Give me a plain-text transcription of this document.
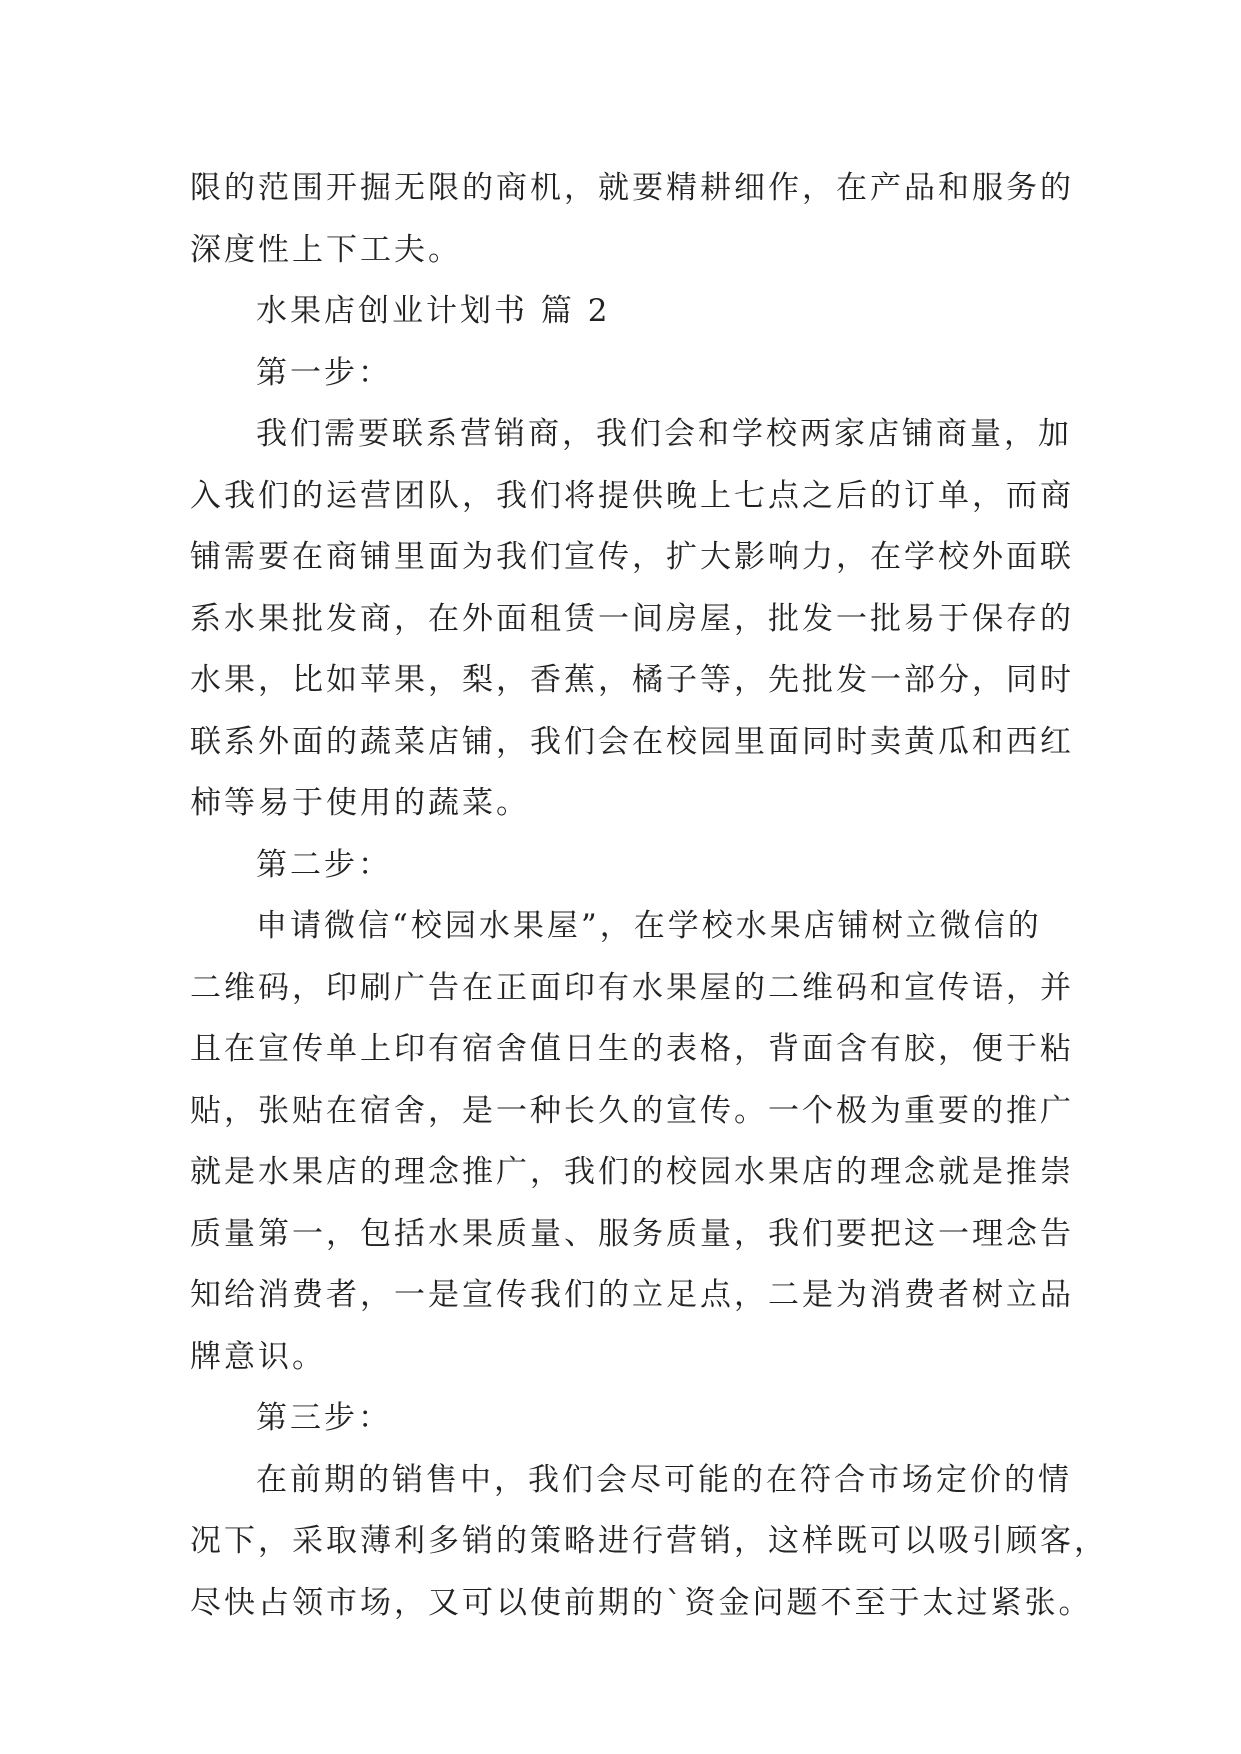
限的范围开掘无限的商机，就要精耕细作，在产品和服务的
深度性上下工夫。
水果店创业计划书 篇 2
第一步：
我们需要联系营销商，我们会和学校两家店铺商量，加
入我们的运营团队，我们将提供晚上七点之后的订单，而商
铺需要在商铺里面为我们宣传，扩大影响力，在学校外面联
系水果批发商，在外面租赁一间房屋，批发一批易于保存的
水果，比如苹果，梨，香蕉，橘子等，先批发一部分，同时
联系外面的蔬菜店铺，我们会在校园里面同时卖黄瓜和西红
柿等易于使用的蔬菜。
第二步：
申请微信“校园水果屋”，在学校水果店铺树立微信的
二维码，印刷广告在正面印有水果屋的二维码和宣传语，并
且在宣传单上印有宿舍值日生的表格，背面含有胶，便于粘
贴，张贴在宿舍，是一种长久的宣传。一个极为重要的推广
就是水果店的理念推广，我们的校园水果店的理念就是推崇
质量第一，包括水果质量、服务质量，我们要把这一理念告
知给消费者，一是宣传我们的立足点，二是为消费者树立品
牌意识。
第三步：
在前期的销售中，我们会尽可能的在符合市场定价的情
况下，采取薄利多销的策略进行营销，这样既可以吸引顾客，
尽快占领市场，又可以使前期的`资金问题不至于太过紧张。
